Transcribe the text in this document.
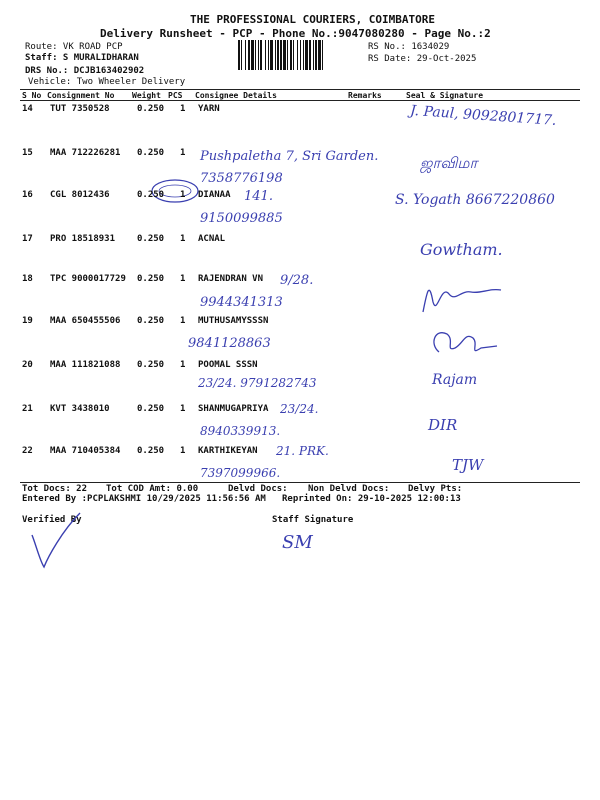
THE PROFESSIONAL COURIERS, COIMBATORE
Delivery Runsheet - PCP - Phone No.:9047080280 - Page No.:2
Route: VK ROAD PCP
Staff: S MURALIDHARAN
DRS No.: DCJB163402902
Vehicle: Two Wheeler Delivery
RS No.: 1634029
RS Date: 29-Oct-2025
S No Consignment No Weight PCS Consignee Details	Remarks	Seal & Signature
14 TUT 7350528	0.250 1 YARN	J. Paul, 9092801717.
15 MAA 712226281 0.250 1 Pushpaletha 7, Sri Garden. 7358776198
ஜாவிமா
16 CGL 8012436	0.250 1 DIANAA	141. 9150099885
S. Yogath 8667220860
17 PRO 18518931 0.250 1 ACNAL
Gowtham.
18 TPC 9000017729 0.250 1 RAJENDRAN VN	9/28. 9944341313
19 MAA 650455506 0.250 1 MUTHUSAMYSSSN
9841128863
20 MAA 111821088 0.250 1 POOMAL SSSN
23/24. 9791282743	Rajam
21 KVT 3438010	0.250 1 SHANMUGAPRIYA 23/24. 8940339913.	DIR
22 MAA 710405384 0.250 1 KARTHIKEYAN	21. PRK. 7397099966.	TJW
Tot Docs: 22 Tot COD Amt: 0.00	Delvd Docs: Non Delvd Docs: Delvy Pts:
Entered By :PCPLAKSHMI 10/29/2025 11:56:56 AM Reprinted On: 29-10-2025 12:00:13
Verified By	Staff Signature
SM
